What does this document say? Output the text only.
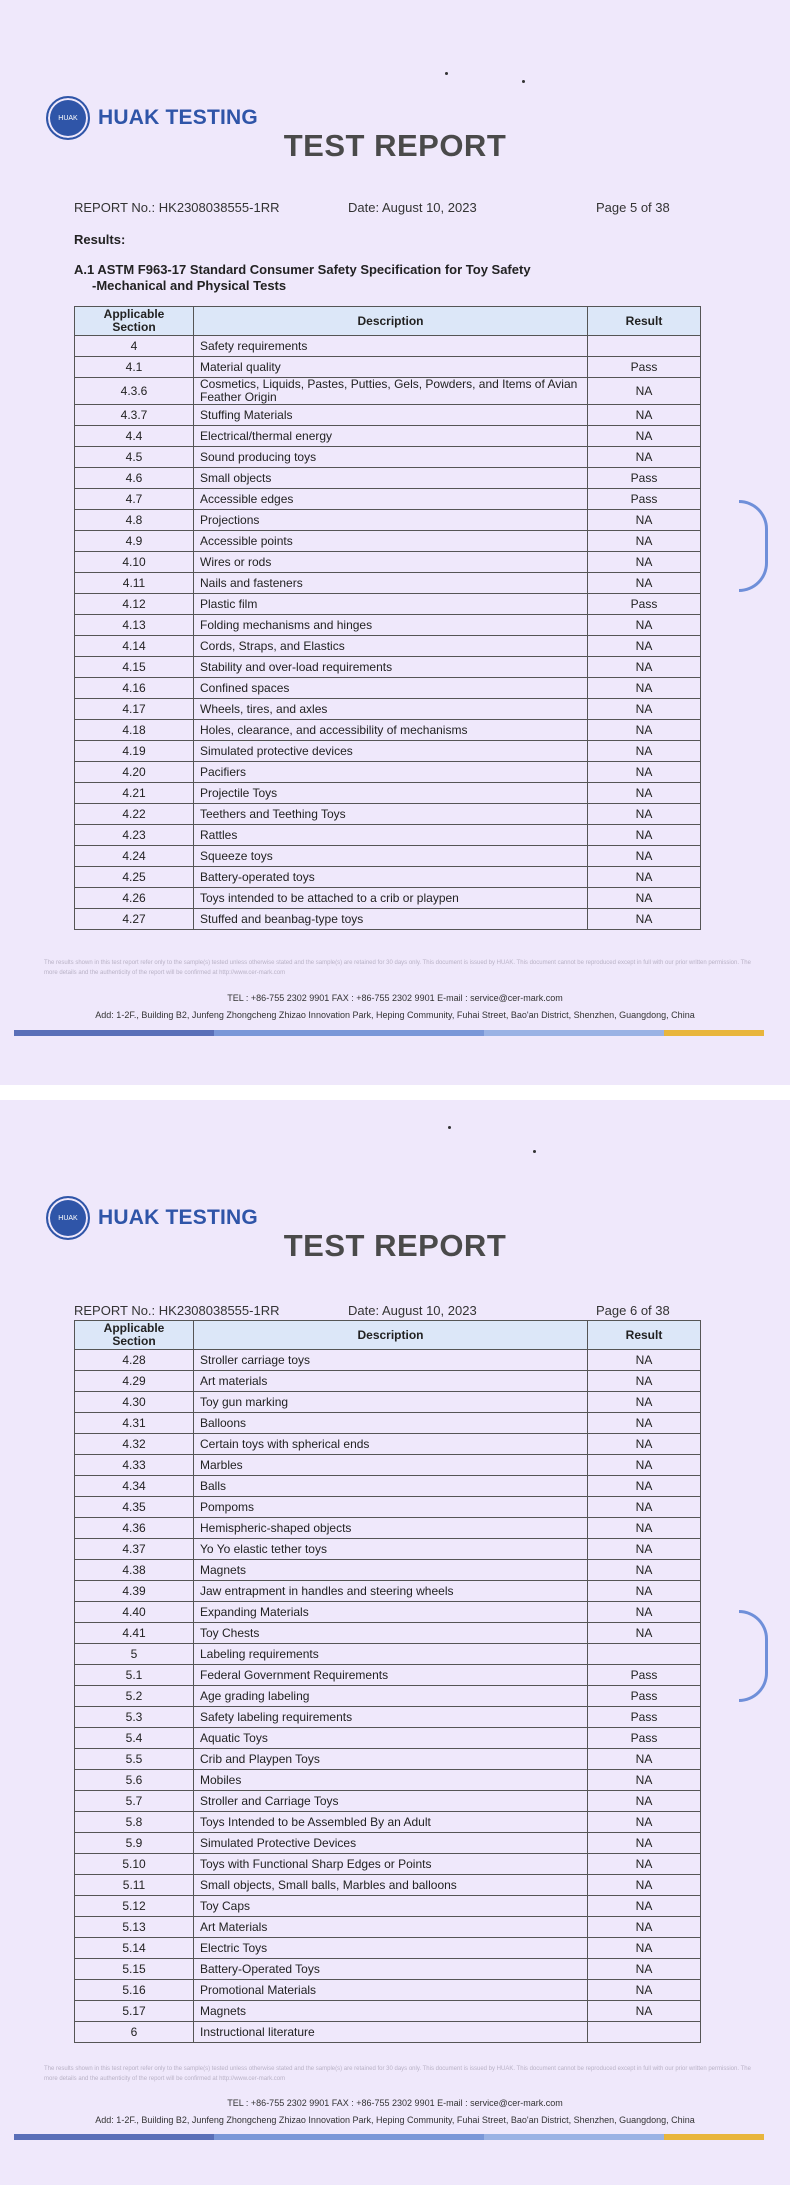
HUAK HUAK TESTING
TEST REPORT
REPORT No.: HK2308038555-1RR	Date: August 10, 2023	Page 5 of 38
Results:
A.1 ASTM F963-17 Standard Consumer Safety Specification for Toy Safety
-Mechanical and Physical Tests
Applicable Section	Description	Result
4	Safety requirements	
4.1	Material quality	Pass
4.3.6	Cosmetics, Liquids, Pastes, Putties, Gels, Powders, and Items of Avian Feather Origin	NA
4.3.7	Stuffing Materials	NA
4.4	Electrical/thermal energy	NA
4.5	Sound producing toys	NA
4.6	Small objects	Pass
4.7	Accessible edges	Pass
4.8	Projections	NA
4.9	Accessible points	NA
4.10	Wires or rods	NA
4.11	Nails and fasteners	NA
4.12	Plastic film	Pass
4.13	Folding mechanisms and hinges	NA
4.14	Cords, Straps, and Elastics	NA
4.15	Stability and over-load requirements	NA
4.16	Confined spaces	NA
4.17	Wheels, tires, and axles	NA
4.18	Holes, clearance, and accessibility of mechanisms	NA
4.19	Simulated protective devices	NA
4.20	Pacifiers	NA
4.21	Projectile Toys	NA
4.22	Teethers and Teething Toys	NA
4.23	Rattles	NA
4.24	Squeeze toys	NA
4.25	Battery-operated toys	NA
4.26	Toys intended to be attached to a crib or playpen	NA
4.27	Stuffed and beanbag-type toys	NA
The results shown in this test report refer only to the sample(s) tested unless otherwise stated and the sample(s) are retained for 30 days only. This document is issued by HUAK. This document cannot be reproduced except in full with our prior written permission. The more details and the authenticity of the report will be confirmed at http://www.cer-mark.com
TEL : +86-755 2302 9901 FAX : +86-755 2302 9901 E-mail : service@cer-mark.com
Add: 1-2F., Building B2, Junfeng Zhongcheng Zhizao Innovation Park, Heping Community, Fuhai Street, Bao'an District, Shenzhen, Guangdong, China
HUAK HUAK TESTING
TEST REPORT
REPORT No.: HK2308038555-1RR	Date: August 10, 2023	Page 6 of 38
Applicable Section	Description	Result
4.28	Stroller carriage toys	NA
4.29	Art materials	NA
4.30	Toy gun marking	NA
4.31	Balloons	NA
4.32	Certain toys with spherical ends	NA
4.33	Marbles	NA
4.34	Balls	NA
4.35	Pompoms	NA
4.36	Hemispheric-shaped objects	NA
4.37	Yo Yo elastic tether toys	NA
4.38	Magnets	NA
4.39	Jaw entrapment in handles and steering wheels	NA
4.40	Expanding Materials	NA
4.41	Toy Chests	NA
5	Labeling requirements	
5.1	Federal Government Requirements	Pass
5.2	Age grading labeling	Pass
5.3	Safety labeling requirements	Pass
5.4	Aquatic Toys	Pass
5.5	Crib and Playpen Toys	NA
5.6	Mobiles	NA
5.7	Stroller and Carriage Toys	NA
5.8	Toys Intended to be Assembled By an Adult	NA
5.9	Simulated Protective Devices	NA
5.10	Toys with Functional Sharp Edges or Points	NA
5.11	Small objects, Small balls, Marbles and balloons	NA
5.12	Toy Caps	NA
5.13	Art Materials	NA
5.14	Electric Toys	NA
5.15	Battery-Operated Toys	NA
5.16	Promotional Materials	NA
5.17	Magnets	NA
6	Instructional literature	
The results shown in this test report refer only to the sample(s) tested unless otherwise stated and the sample(s) are retained for 30 days only. This document is issued by HUAK. This document cannot be reproduced except in full with our prior written permission. The more details and the authenticity of the report will be confirmed at http://www.cer-mark.com
TEL : +86-755 2302 9901 FAX : +86-755 2302 9901 E-mail : service@cer-mark.com
Add: 1-2F., Building B2, Junfeng Zhongcheng Zhizao Innovation Park, Heping Community, Fuhai Street, Bao'an District, Shenzhen, Guangdong, China
